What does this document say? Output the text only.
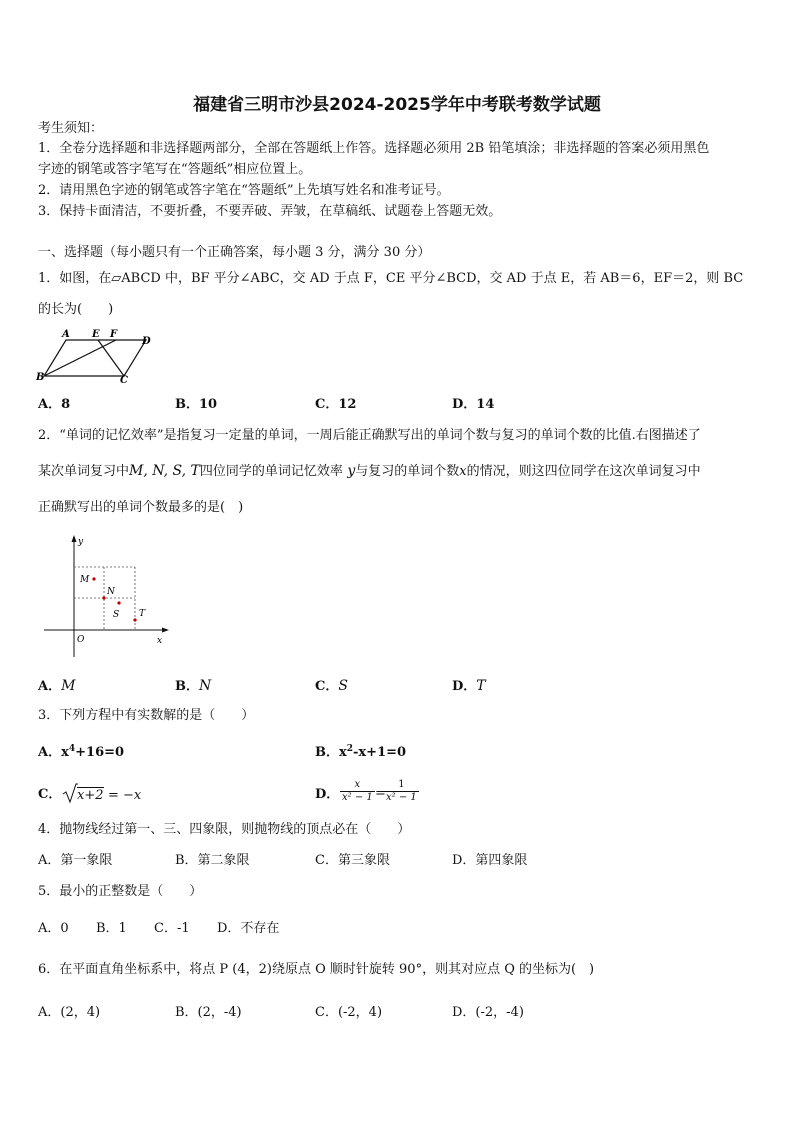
福建省三明市沙县2024-2025学年中考联考数学试题
考生须知：
1．全卷分选择题和非选择题两部分，全部在答题纸上作答。选择题必须用 2B 铅笔填涂；非选择题的答案必须用黑色
字迹的钢笔或答字笔写在“答题纸”相应位置上。
2．请用黑色字迹的钢笔或答字笔在“答题纸”上先填写姓名和准考证号。
3．保持卡面清洁，不要折叠，不要弄破、弄皱，在草稿纸、试题卷上答题无效。
一、选择题（每小题只有一个正确答案，每小题 3 分，满分 30 分）
1．如图，在▱ABCD 中，BF 平分∠ABC，交 AD 于点 F，CE 平分∠BCD，交 AD 于点 E，若 AB＝6，EF＝2，则 BC
的长为(　　)
A E F
D
B	C
A．8	B．10	C．12	D．14
2．“单词的记忆效率”是指复习一定量的单词，一周后能正确默写出的单词个数与复习的单词个数的比值.右图描述了
某次单词复习中M, N, S, T四位同学的单词记忆效率 y与复习的单词个数x的情况，则这四位同学在这次单词复习中
正确默写出的单词个数最多的是(　)
y
x
O
M
N
S T
A．M	B．N	C．S	D．T
3．下列方程中有实数解的是（　　）
A．$x^4+16=0$	B．$x^2-x+1=0$
C． x+2 = −x	D． $\frac{x}{\text{x² − 1}}$ =
$\frac{1}{\text{x² − 1}}$
4．抛物线经过第一、三、四象限，则抛物线的顶点必在（　　）
A．第一象限	B．第二象限	C．第三象限	D．第四象限
5．最小的正整数是（　　）
A．0 B．1 C．-1 D．不存在
6．在平面直角坐标系中，将点 P (4，2)绕原点 O 顺时针旋转 90°，则其对应点 Q 的坐标为(　)
A．(2，4)	B．(2，-4)	C．(-2，4)	D．(-2，-4)
